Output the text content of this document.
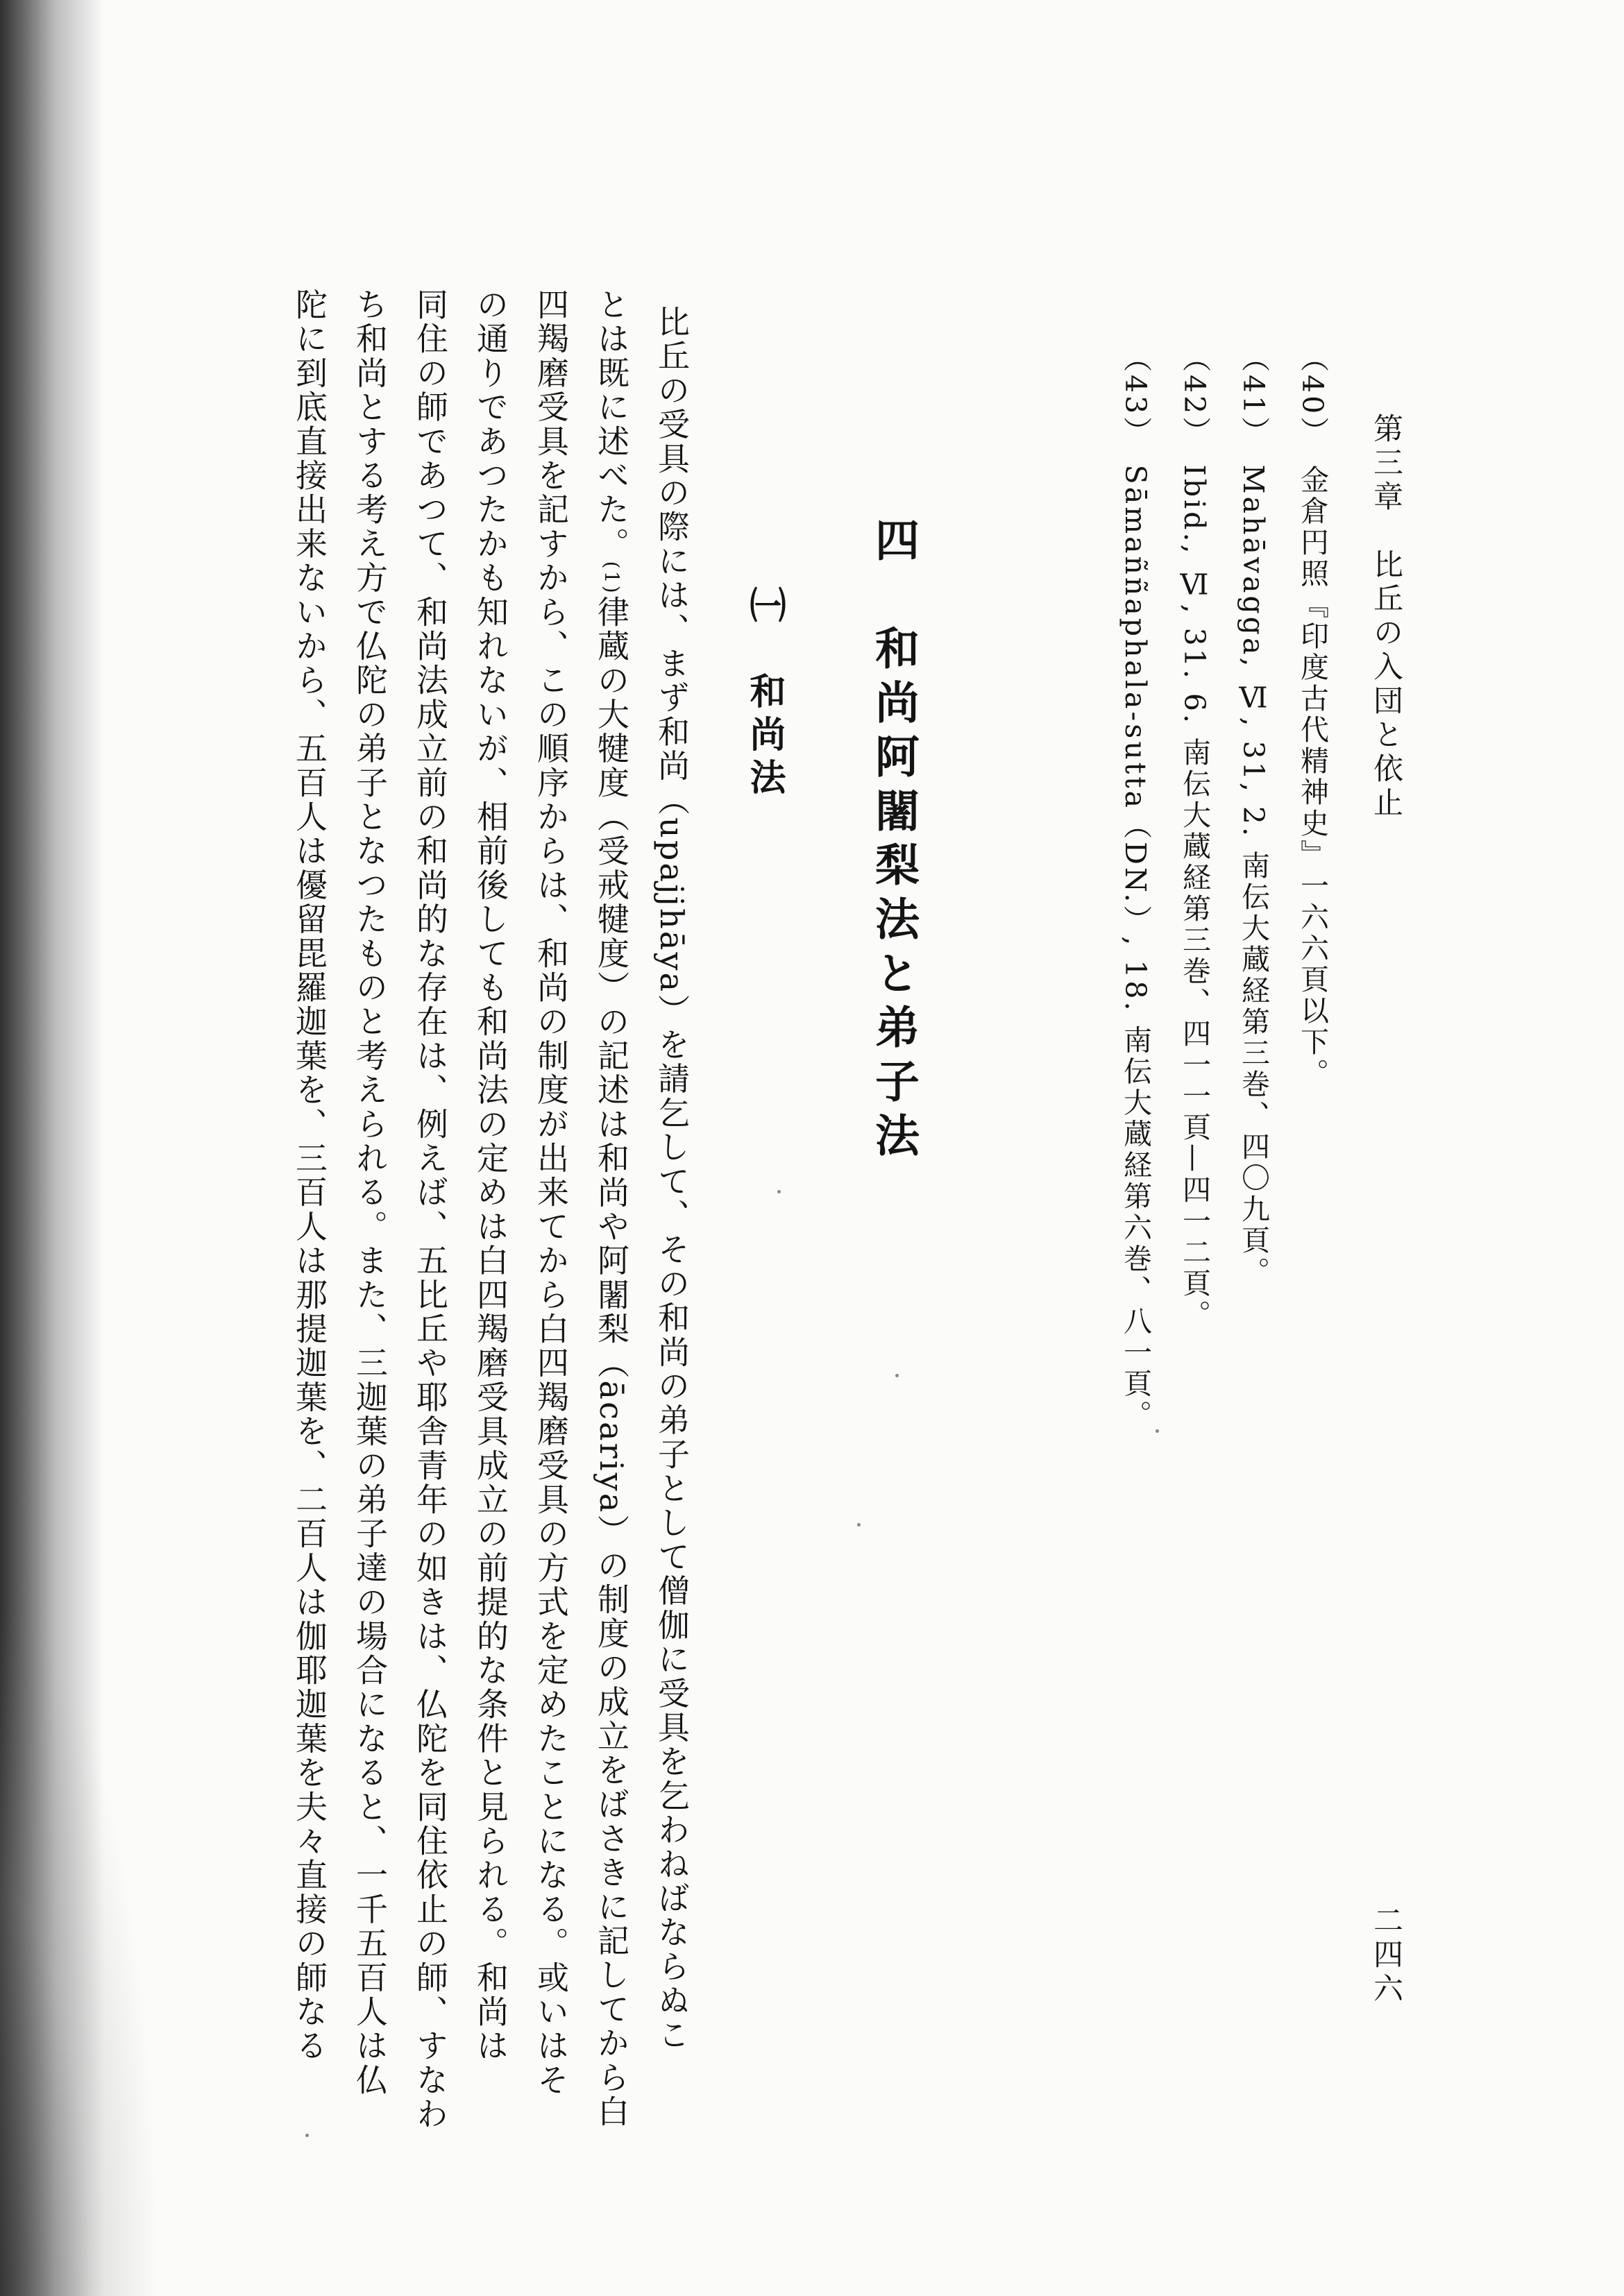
第三章　比丘の入団と依止

二四六

（40）　金倉円照『印度古代精神史』一六六頁以下。

（41）　Mahāvagga, Ⅵ, 31, 2. 南伝大蔵経第三巻、四〇九頁。

（42）　Ibid., Ⅵ, 31. 6. 南伝大蔵経第三巻、四一一頁—四一二頁。

（43）　Sāmaññaphala-sutta（DN.）, 18. 南伝大蔵経第六巻、八一頁。

四　和尚阿闍梨法と弟子法
㈠　和尚法

比丘の受具の際には、まず和尚（upajjhāya）を請乞して、その和尚の弟子として僧伽に受具を乞わねばならぬこ

とは既に述べた。(1)律蔵の大犍度（受戒犍度）の記述は和尚や阿闍梨（ācariya）の制度の成立をばさきに記してから白

四羯磨受具を記すから、この順序からは、和尚の制度が出来てから白四羯磨受具の方式を定めたことになる。或いはそ

の通りであつたかも知れないが、相前後しても和尚法の定めは白四羯磨受具成立の前提的な条件と見られる。和尚は

同住の師であつて、和尚法成立前の和尚的な存在は、例えば、五比丘や耶舎青年の如きは、仏陀を同住依止の師、すなわ

ち和尚とする考え方で仏陀の弟子となつたものと考えられる。また、三迦葉の弟子達の場合になると、一千五百人は仏

陀に到底直接出来ないから、五百人は優留毘羅迦葉を、三百人は那提迦葉を、二百人は伽耶迦葉を夫々直接の師なる
